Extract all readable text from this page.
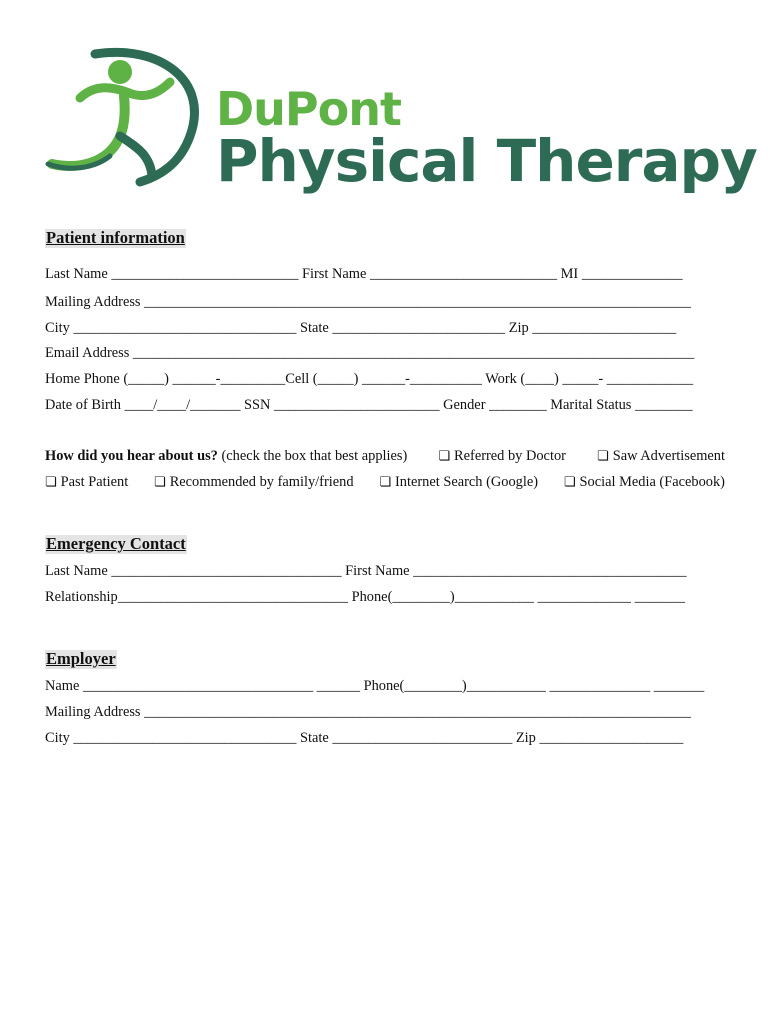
DuPont
Physical Therapy
Patient information
Last Name __________________________ First Name __________________________ MI ______________
Mailing Address ____________________________________________________________________________
City _______________________________ State ________________________ Zip ____________________
Email Address ______________________________________________________________________________
Home Phone (_____) ______-_________Cell (_____) ______-__________ Work (____) _____- ____________
Date of Birth ____/____/_______ SSN _______________________ Gender ________ Marital Status ________
How did you hear about us? (check the box that best applies) ❏ Referred by Doctor ❏ Saw Advertisement
❏ Past Patient ❏ Recommended by family/friend ❏ Internet Search (Google) ❏ Social Media (Facebook)
Emergency Contact
Last Name ________________________________ First Name ______________________________________
Relationship________________________________ Phone(________)___________ _____________ _______
Employer
Name ________________________________ ______ Phone(________)___________ ______________ _______
Mailing Address ____________________________________________________________________________
City _______________________________ State _________________________ Zip ____________________
